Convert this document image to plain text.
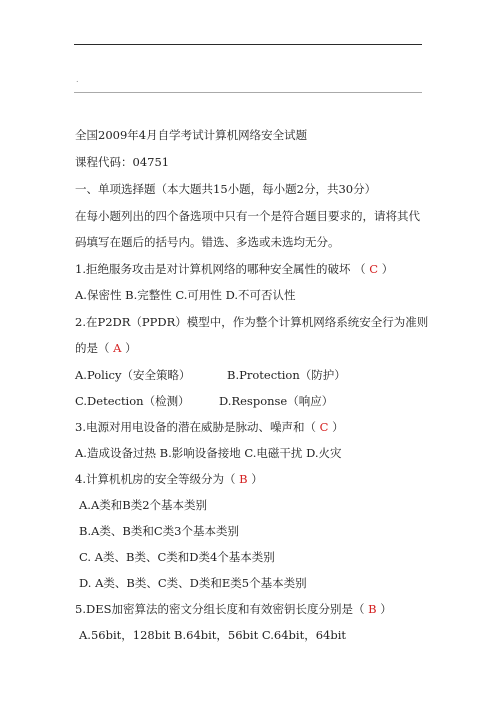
.
全国2009年4月自学考试计算机网络安全试题
课程代码：04751
一、单项选择题（本大题共15小题，每小题2分，共30分）
在每小题列出的四个备选项中只有一个是符合题目要求的，请将其代
码填写在题后的括号内。错选、多选或未选均无分。
1.拒绝服务攻击是对计算机网络的哪种安全属性的破坏 （ C ）
A.保密性 B.完整性 C.可用性 D.不可否认性
2.在P2DR（PPDR）模型中，作为整个计算机网络系统安全行为准则
的是（ A ）
A.Policy（安全策略）	B.Protection（防护）
C.Detection（检测）	D.Response（响应）
3.电源对用电设备的潜在威胁是脉动、噪声和（ C ）
A.造成设备过热 B.影响设备接地 C.电磁干扰 D.火灾
4.计算机机房的安全等级分为（ B ）
A.A类和B类2个基本类别
B.A类、B类和C类3个基本类别
C. A类、B类、C类和D类4个基本类别
D. A类、B类、C类、D类和E类5个基本类别
5.DES加密算法的密文分组长度和有效密钥长度分别是（ B ）
A.56bit，128bit B.64bit，56bit C.64bit，64bit
